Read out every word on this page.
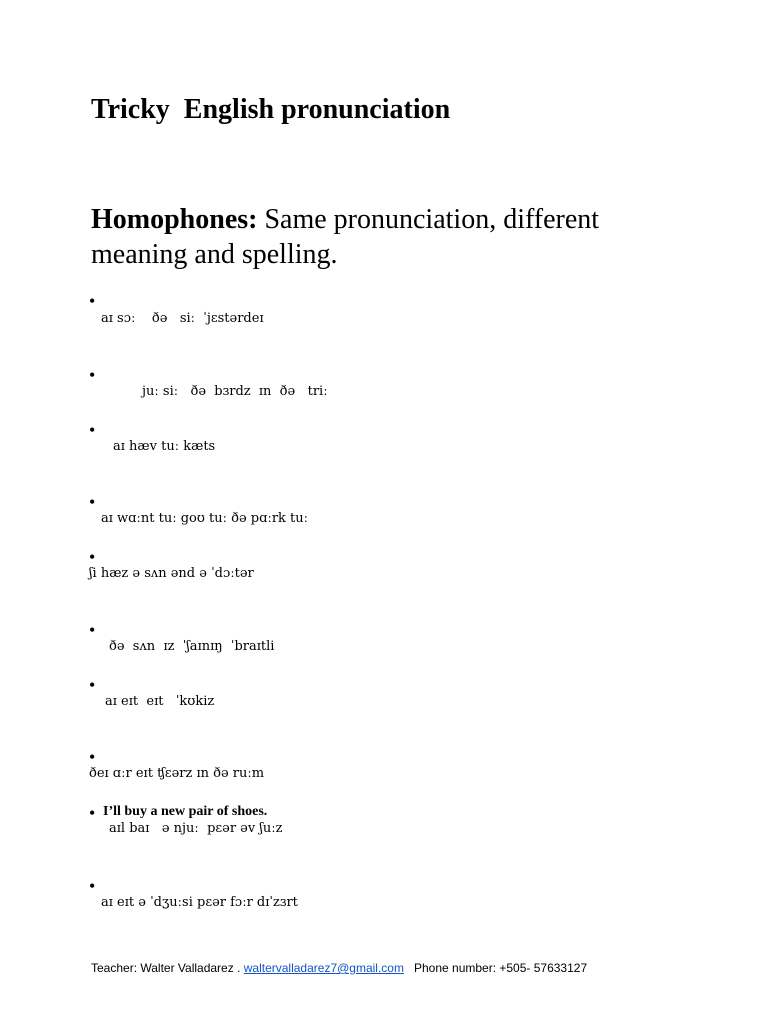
Tricky  English pronunciation

Homophones: Same pronunciation, different meaning and spelling.

•
aɪ sɔː    ðə   siː  ˈjɛstərdeɪ
•
juː siː   ðə  bɜrdz  ɪn  ðə   triː
•
aɪ hæv tuː kæts
•
aɪ wɑːnt tuː goʊ tuː ðə pɑːrk tuː
•
ʃi hæz ə sʌn ənd ə ˈdɔːtər
•
ðə  sʌn  ɪz  ˈʃaɪnɪŋ  ˈbraɪtli
•
aɪ eɪt  eɪt   ˈkʊkiz
•
ðeɪ ɑːr eɪt ʧɛərz ɪn ðə ruːm
• I’ll buy a new pair of shoes.
aɪl baɪ   ə njuː  pɛər əv ʃuːz
•
aɪ eɪt ə ˈdʒuːsi pɛər fɔːr dɪˈzɜrt
Teacher: Walter Valladarez . waltervalladarez7@gmail.com   Phone number: +505- 57633127
